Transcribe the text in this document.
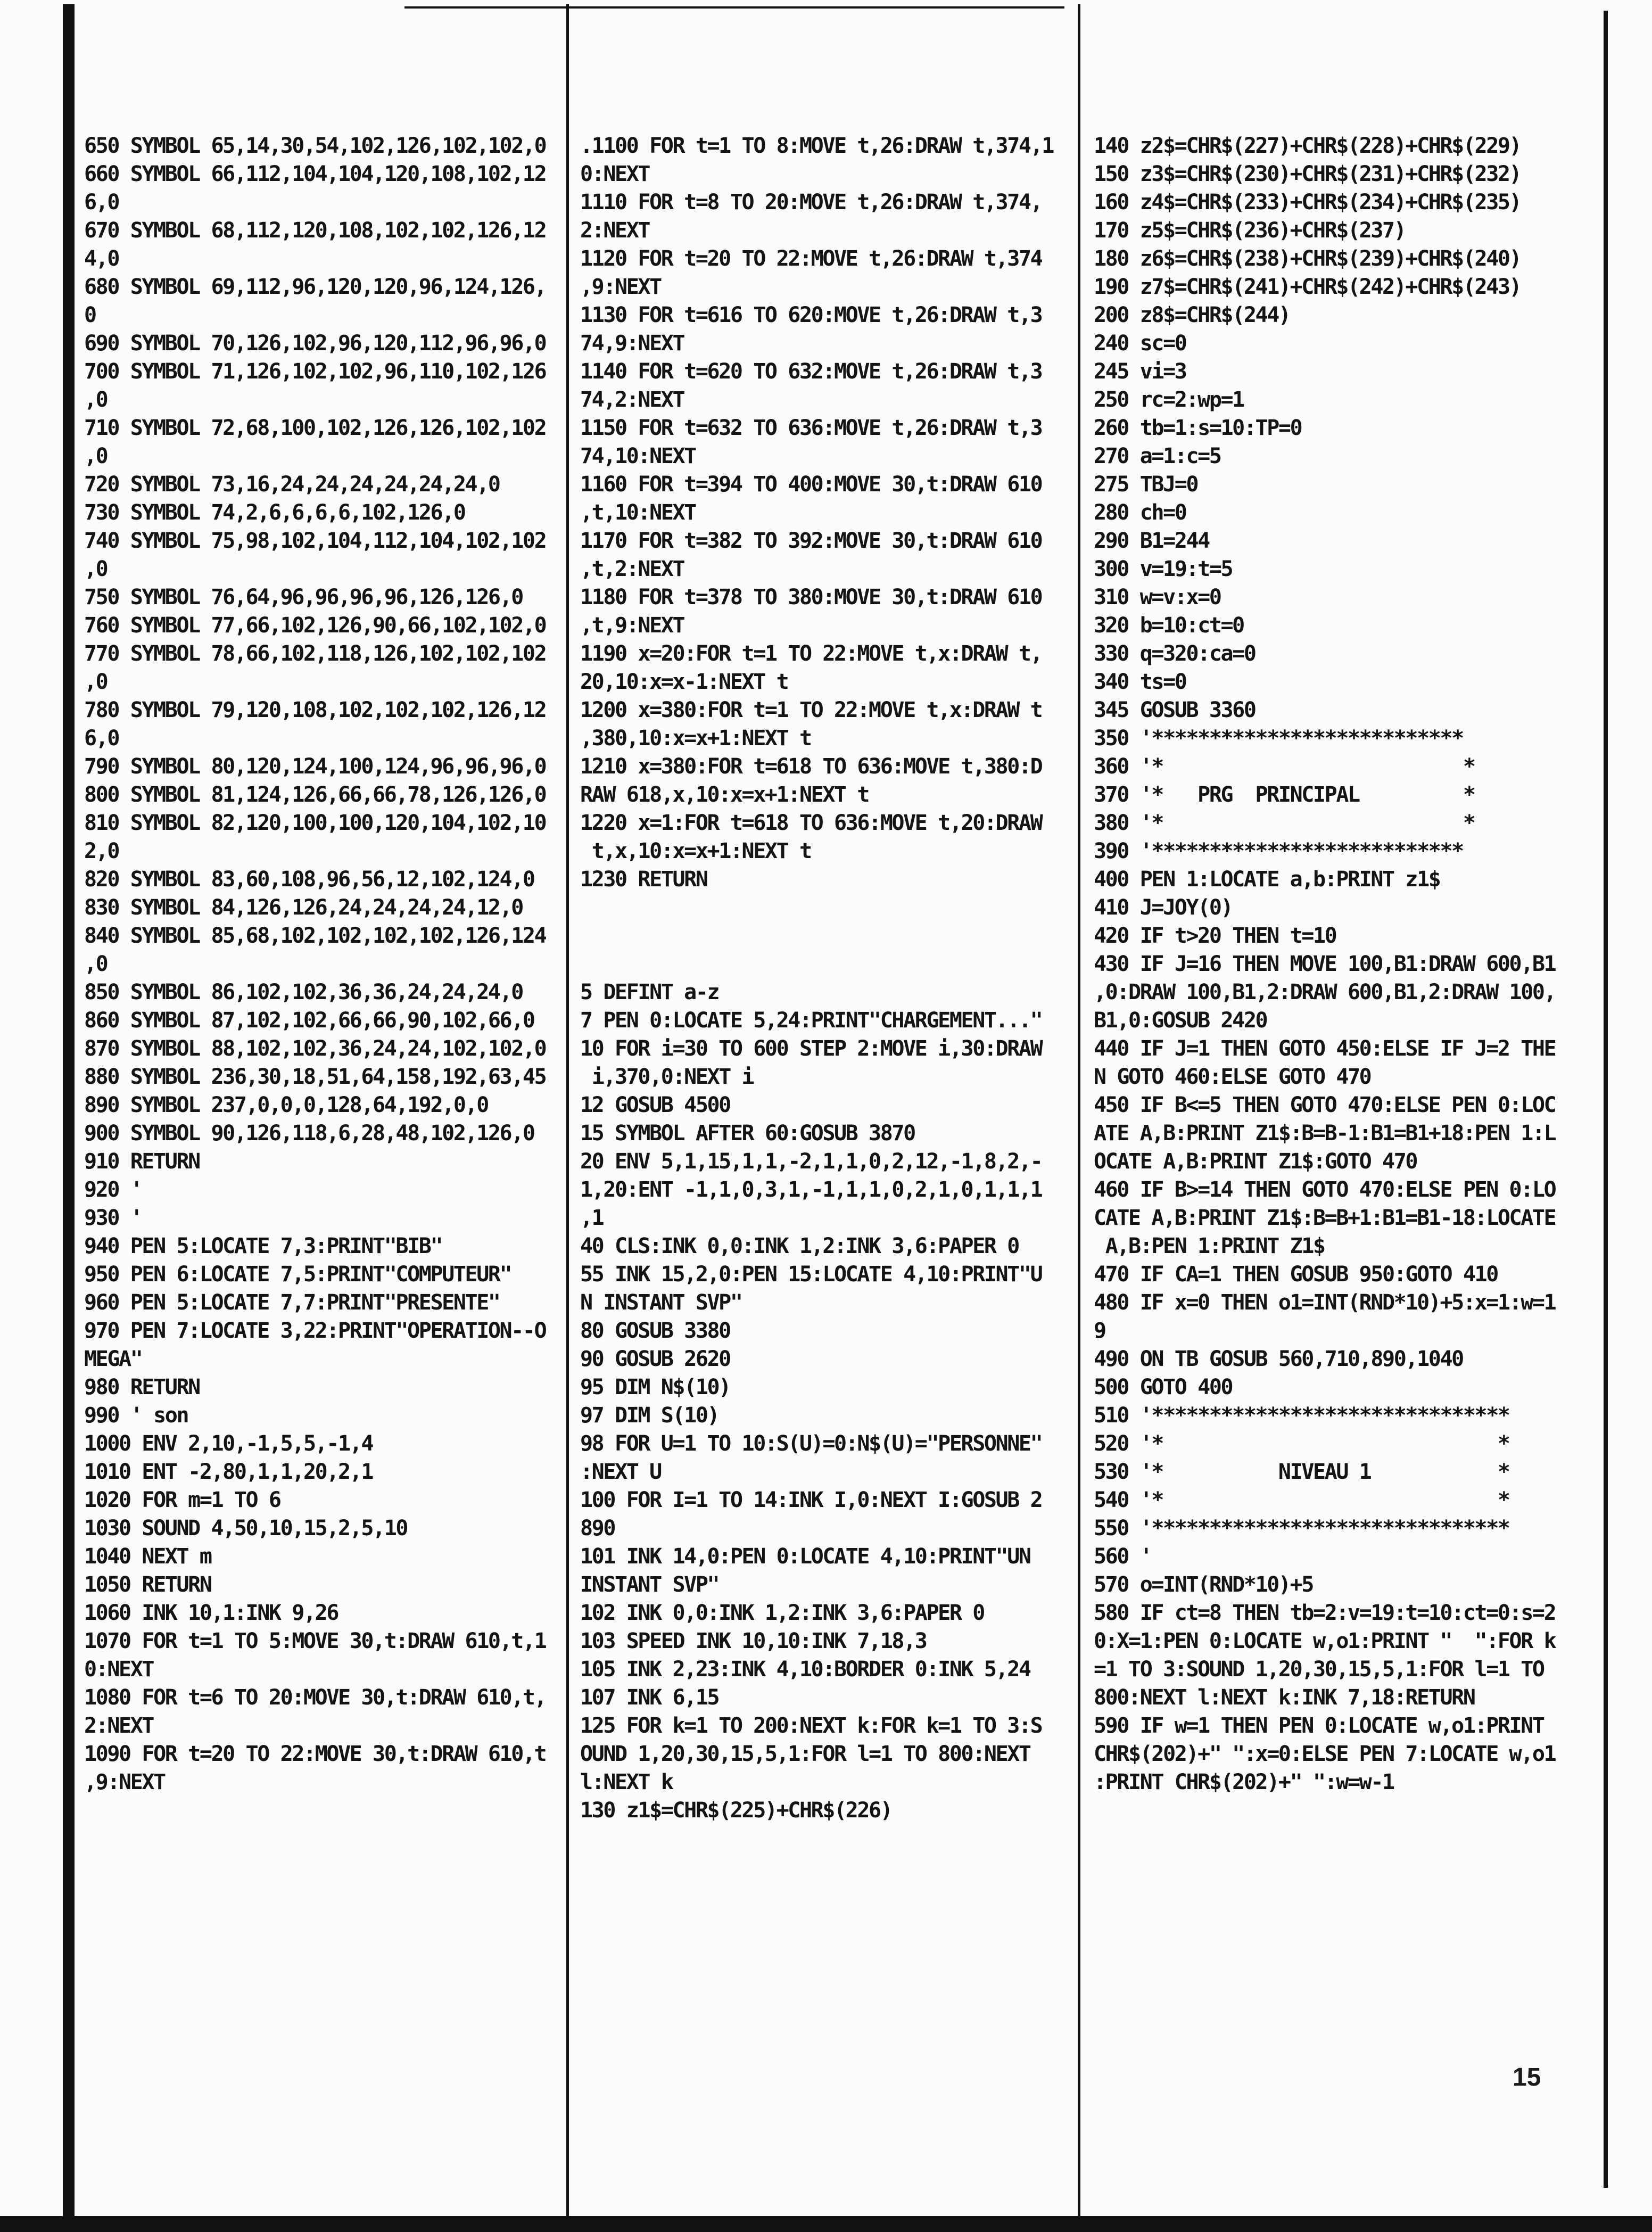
650 SYMBOL 65,14,30,54,102,126,102,102,0
660 SYMBOL 66,112,104,104,120,108,102,12
6,0
670 SYMBOL 68,112,120,108,102,102,126,12
4,0
680 SYMBOL 69,112,96,120,120,96,124,126,
0
690 SYMBOL 70,126,102,96,120,112,96,96,0
700 SYMBOL 71,126,102,102,96,110,102,126
,0
710 SYMBOL 72,68,100,102,126,126,102,102
,0
720 SYMBOL 73,16,24,24,24,24,24,24,0
730 SYMBOL 74,2,6,6,6,6,102,126,0
740 SYMBOL 75,98,102,104,112,104,102,102
,0
750 SYMBOL 76,64,96,96,96,96,126,126,0
760 SYMBOL 77,66,102,126,90,66,102,102,0
770 SYMBOL 78,66,102,118,126,102,102,102
,0
780 SYMBOL 79,120,108,102,102,102,126,12
6,0
790 SYMBOL 80,120,124,100,124,96,96,96,0
800 SYMBOL 81,124,126,66,66,78,126,126,0
810 SYMBOL 82,120,100,100,120,104,102,10
2,0
820 SYMBOL 83,60,108,96,56,12,102,124,0
830 SYMBOL 84,126,126,24,24,24,24,12,0
840 SYMBOL 85,68,102,102,102,102,126,124
,0
850 SYMBOL 86,102,102,36,36,24,24,24,0
860 SYMBOL 87,102,102,66,66,90,102,66,0
870 SYMBOL 88,102,102,36,24,24,102,102,0
880 SYMBOL 236,30,18,51,64,158,192,63,45
890 SYMBOL 237,0,0,0,128,64,192,0,0
900 SYMBOL 90,126,118,6,28,48,102,126,0
910 RETURN
920 '
930 '
940 PEN 5:LOCATE 7,3:PRINT"BIB"
950 PEN 6:LOCATE 7,5:PRINT"COMPUTEUR"
960 PEN 5:LOCATE 7,7:PRINT"PRESENTE"
970 PEN 7:LOCATE 3,22:PRINT"OPERATION--O
MEGA"
980 RETURN
990 ' son
1000 ENV 2,10,-1,5,5,-1,4
1010 ENT -2,80,1,1,20,2,1
1020 FOR m=1 TO 6
1030 SOUND 4,50,10,15,2,5,10
1040 NEXT m
1050 RETURN
1060 INK 10,1:INK 9,26
1070 FOR t=1 TO 5:MOVE 30,t:DRAW 610,t,1
0:NEXT
1080 FOR t=6 TO 20:MOVE 30,t:DRAW 610,t,
2:NEXT
1090 FOR t=20 TO 22:MOVE 30,t:DRAW 610,t
,9:NEXT
.1100 FOR t=1 TO 8:MOVE t,26:DRAW t,374,1
0:NEXT
1110 FOR t=8 TO 20:MOVE t,26:DRAW t,374,
2:NEXT
1120 FOR t=20 TO 22:MOVE t,26:DRAW t,374
,9:NEXT
1130 FOR t=616 TO 620:MOVE t,26:DRAW t,3
74,9:NEXT
1140 FOR t=620 TO 632:MOVE t,26:DRAW t,3
74,2:NEXT
1150 FOR t=632 TO 636:MOVE t,26:DRAW t,3
74,10:NEXT
1160 FOR t=394 TO 400:MOVE 30,t:DRAW 610
,t,10:NEXT
1170 FOR t=382 TO 392:MOVE 30,t:DRAW 610
,t,2:NEXT
1180 FOR t=378 TO 380:MOVE 30,t:DRAW 610
,t,9:NEXT
1190 x=20:FOR t=1 TO 22:MOVE t,x:DRAW t,
20,10:x=x-1:NEXT t
1200 x=380:FOR t=1 TO 22:MOVE t,x:DRAW t
,380,10:x=x+1:NEXT t
1210 x=380:FOR t=618 TO 636:MOVE t,380:D
RAW 618,x,10:x=x+1:NEXT t
1220 x=1:FOR t=618 TO 636:MOVE t,20:DRAW
t,x,10:x=x+1:NEXT t
1230 RETURN

5 DEFINT a-z
7 PEN 0:LOCATE 5,24:PRINT"CHARGEMENT..."
10 FOR i=30 TO 600 STEP 2:MOVE i,30:DRAW
i,370,0:NEXT i
12 GOSUB 4500
15 SYMBOL AFTER 60:GOSUB 3870
20 ENV 5,1,15,1,1,-2,1,1,0,2,12,-1,8,2,-
1,20:ENT -1,1,0,3,1,-1,1,1,0,2,1,0,1,1,1
,1
40 CLS:INK 0,0:INK 1,2:INK 3,6:PAPER 0
55 INK 15,2,0:PEN 15:LOCATE 4,10:PRINT"U
N INSTANT SVP"
80 GOSUB 3380
90 GOSUB 2620
95 DIM N$(10)
97 DIM S(10)
98 FOR U=1 TO 10:S(U)=0:N$(U)="PERSONNE"
:NEXT U
100 FOR I=1 TO 14:INK I,0:NEXT I:GOSUB 2
890
101 INK 14,0:PEN 0:LOCATE 4,10:PRINT"UN
INSTANT SVP"
102 INK 0,0:INK 1,2:INK 3,6:PAPER 0
103 SPEED INK 10,10:INK 7,18,3
105 INK 2,23:INK 4,10:BORDER 0:INK 5,24
107 INK 6,15
125 FOR k=1 TO 200:NEXT k:FOR k=1 TO 3:S
OUND 1,20,30,15,5,1:FOR l=1 TO 800:NEXT
l:NEXT k
130 z1$=CHR$(225)+CHR$(226)
140 z2$=CHR$(227)+CHR$(228)+CHR$(229)
150 z3$=CHR$(230)+CHR$(231)+CHR$(232)
160 z4$=CHR$(233)+CHR$(234)+CHR$(235)
170 z5$=CHR$(236)+CHR$(237)
180 z6$=CHR$(238)+CHR$(239)+CHR$(240)
190 z7$=CHR$(241)+CHR$(242)+CHR$(243)
200 z8$=CHR$(244)
240 sc=0
245 vi=3
250 rc=2:wp=1
260 tb=1:s=10:TP=0
270 a=1:c=5
275 TBJ=0
280 ch=0
290 B1=244
300 v=19:t=5
310 w=v:x=0
320 b=10:ct=0
330 q=320:ca=0
340 ts=0
345 GOSUB 3360
350 '***************************
360 '*                          *
370 '*   PRG  PRINCIPAL         *
380 '*                          *
390 '***************************
400 PEN 1:LOCATE a,b:PRINT z1$
410 J=JOY(0)
420 IF t>20 THEN t=10
430 IF J=16 THEN MOVE 100,B1:DRAW 600,B1
,0:DRAW 100,B1,2:DRAW 600,B1,2:DRAW 100,
B1,0:GOSUB 2420
440 IF J=1 THEN GOTO 450:ELSE IF J=2 THE
N GOTO 460:ELSE GOTO 470
450 IF B<=5 THEN GOTO 470:ELSE PEN 0:LOC
ATE A,B:PRINT Z1$:B=B-1:B1=B1+18:PEN 1:L
OCATE A,B:PRINT Z1$:GOTO 470
460 IF B>=14 THEN GOTO 470:ELSE PEN 0:LO
CATE A,B:PRINT Z1$:B=B+1:B1=B1-18:LOCATE
A,B:PEN 1:PRINT Z1$
470 IF CA=1 THEN GOSUB 950:GOTO 410
480 IF x=0 THEN o1=INT(RND*10)+5:x=1:w=1
9
490 ON TB GOSUB 560,710,890,1040
500 GOTO 400
510 '*******************************
520 '*                             *
530 '*          NIVEAU 1           *
540 '*                             *
550 '*******************************
560 '
570 o=INT(RND*10)+5
580 IF ct=8 THEN tb=2:v=19:t=10:ct=0:s=2
0:X=1:PEN 0:LOCATE w,o1:PRINT "  ":FOR k
=1 TO 3:SOUND 1,20,30,15,5,1:FOR l=1 TO
800:NEXT l:NEXT k:INK 7,18:RETURN
590 IF w=1 THEN PEN 0:LOCATE w,o1:PRINT
CHR$(202)+" ":x=0:ELSE PEN 7:LOCATE w,o1
:PRINT CHR$(202)+" ":w=w-1
15
